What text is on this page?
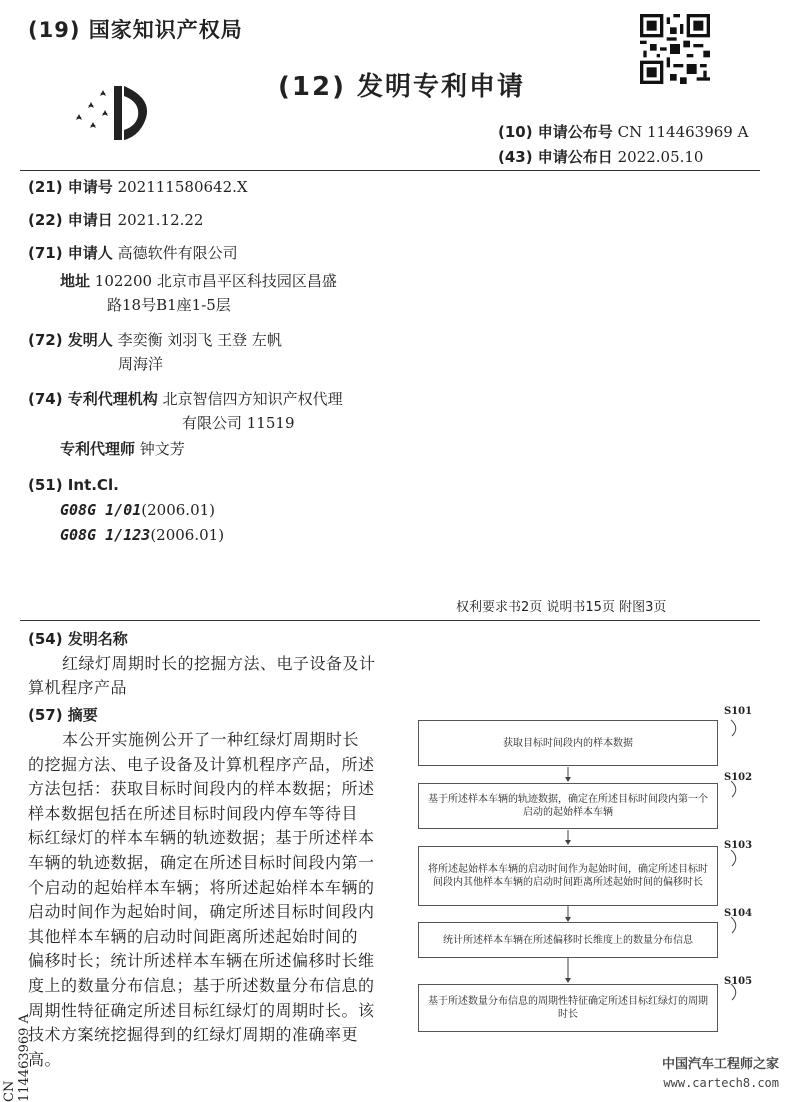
(19) 国家知识产权局
(12) 发明专利申请
(10) 申请公布号 CN 114463969 A
(43) 申请公布日 2022.05.10
(21) 申请号 202111580642.X
(22) 申请日 2021.12.22
(71) 申请人 高德软件有限公司
地址 102200 北京市昌平区科技园区昌盛
路18号B1座1-5层
(72) 发明人 李奕衡 刘羽飞 王登 左帆
周海洋
(74) 专利代理机构 北京智信四方知识产权代理
有限公司 11519
专利代理师 钟文芳
(51) Int.Cl.
G08G 1/01(2006.01)
G08G 1/123(2006.01)
权利要求书2页 说明书15页 附图3页
(54) 发明名称
红绿灯周期时长的挖掘方法、电子设备及计
算机程序产品
(57) 摘要
本公开实施例公开了一种红绿灯周期时长
的挖掘方法、电子设备及计算机程序产品，所述
方法包括：获取目标时间段内的样本数据；所述
样本数据包括在所述目标时间段内停车等待目
标红绿灯的样本车辆的轨迹数据；基于所述样本
车辆的轨迹数据，确定在所述目标时间段内第一
个启动的起始样本车辆；将所述起始样本车辆的
启动时间作为起始时间，确定所述目标时间段内
其他样本车辆的启动时间距离所述起始时间的
偏移时长；统计所述样本车辆在所述偏移时长维
度上的数量分布信息；基于所述数量分布信息的
周期性特征确定所述目标红绿灯的周期时长。该
技术方案统挖掘得到的红绿灯周期的准确率更
高。
获取目标时间段内的样本数据
S101
基于所述样本车辆的轨迹数据，确定在所述目标时间段内第一个启动的起始样本车辆
S102
将所述起始样本车辆的启动时间作为起始时间，确定所述目标时间段内其他样本车辆的启动时间距离所述起始时间的偏移时长
S103
统计所述样本车辆在所述偏移时长维度上的数量分布信息
S104
基于所述数量分布信息的周期性特征确定所述目标红绿灯的周期时长
S105
CN 114463969 A	中国汽车工程师之家
www.cartech8.com
